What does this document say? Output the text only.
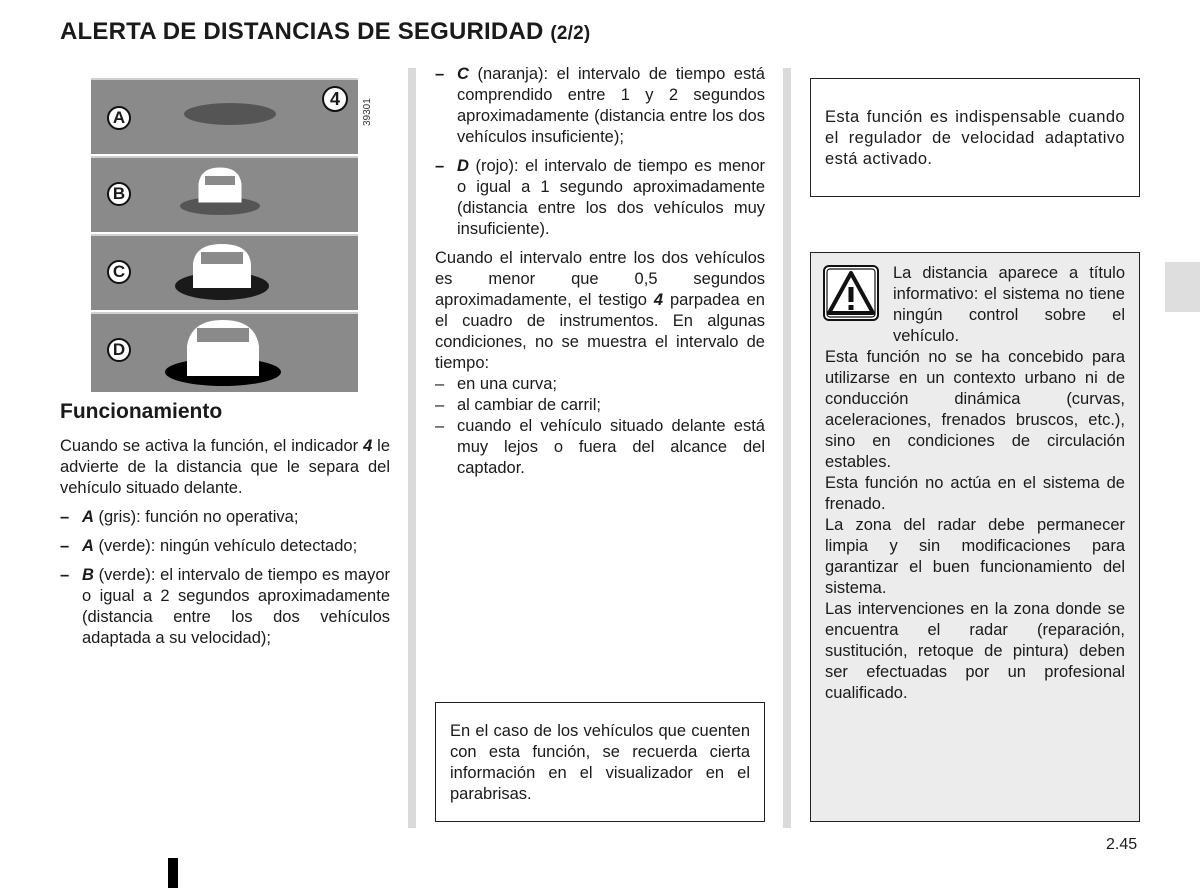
ALERTA DE DISTANCIAS DE SEGURIDAD (2/2)
A
4
B
C
D
39301
Funcionamiento

Cuando se activa la función, el indicador 4 le advierte de la distancia que le separa del vehículo situado delante.

– A (gris): función no operativa;
– A (verde): ningún vehículo detectado;
– B (verde): el intervalo de tiempo es mayor o igual a 2 segundos aproximadamente (distancia entre los dos vehículos adaptada a su velocidad);
– C (naranja): el intervalo de tiempo está comprendido entre 1 y 2 segundos aproximadamente (distancia entre los dos vehículos insuficiente);
– D (rojo): el intervalo de tiempo es menor o igual a 1 segundo aproximadamente (distancia entre los dos vehículos muy insuficiente).

Cuando el intervalo entre los dos vehículos es menor que 0,5 segundos aproximadamente, el testigo 4 parpadea en el cuadro de instrumentos. En algunas condiciones, no se muestra el intervalo de tiempo:

– en una curva;
– al cambiar de carril;
– cuando el vehículo situado delante está muy lejos o fuera del alcance del captador.
En el caso de los vehículos que cuenten con esta función, se recuerda cierta información en el visualizador en el parabrisas.
Esta función es indispensable cuando el regulador de velocidad adaptativo está activado.
La distancia aparece a título informativo: el sistema no tiene ningún control sobre el vehículo.
Esta función no se ha concebido para utilizarse en un contexto urbano ni de conducción dinámica (curvas, aceleraciones, frenados bruscos, etc.), sino en condiciones de circulación estables.
Esta función no actúa en el sistema de frenado.
La zona del radar debe permanecer limpia y sin modificaciones para garantizar el buen funcionamiento del sistema.
Las intervenciones en la zona donde se encuentra el radar (reparación, sustitución, retoque de pintura) deben ser efectuadas por un profesional cualificado.
2.45
